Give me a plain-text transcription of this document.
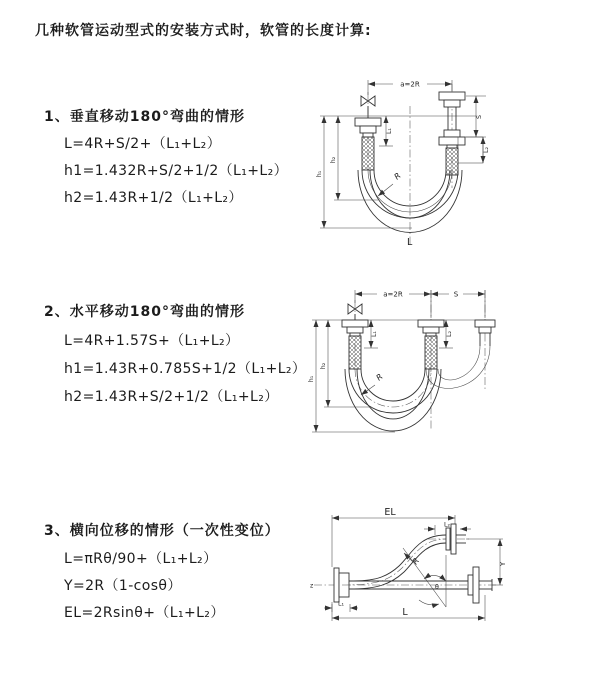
几种软管运动型式的安装方式时，软管的长度计算:
1、垂直移动180°弯曲的情形
L=4R+S/2+（L₁+L₂）
h1=1.432R+S/2+1/2（L₁+L₂）
h2=1.43R+1/2（L₁+L₂）
2、水平移动180°弯曲的情形
L=4R+1.57S+（L₁+L₂）
h1=1.43R+0.785S+1/2（L₁+L₂）
h2=1.43R+S/2+1/2（L₁+L₂）
3、横向位移的情形（一次性变位）
L=πRθ/90+（L₁+L₂）
Y=2R（1-cosθ）
EL=2Rsinθ+（L₁+L₂）
a=2R
R
L
L₁
S
L₂
h₂
h₁
a=2R	S
R
L₁	L₂
h₂
h₁
EL
L₂
z
Y
R
θ
L₁
L
